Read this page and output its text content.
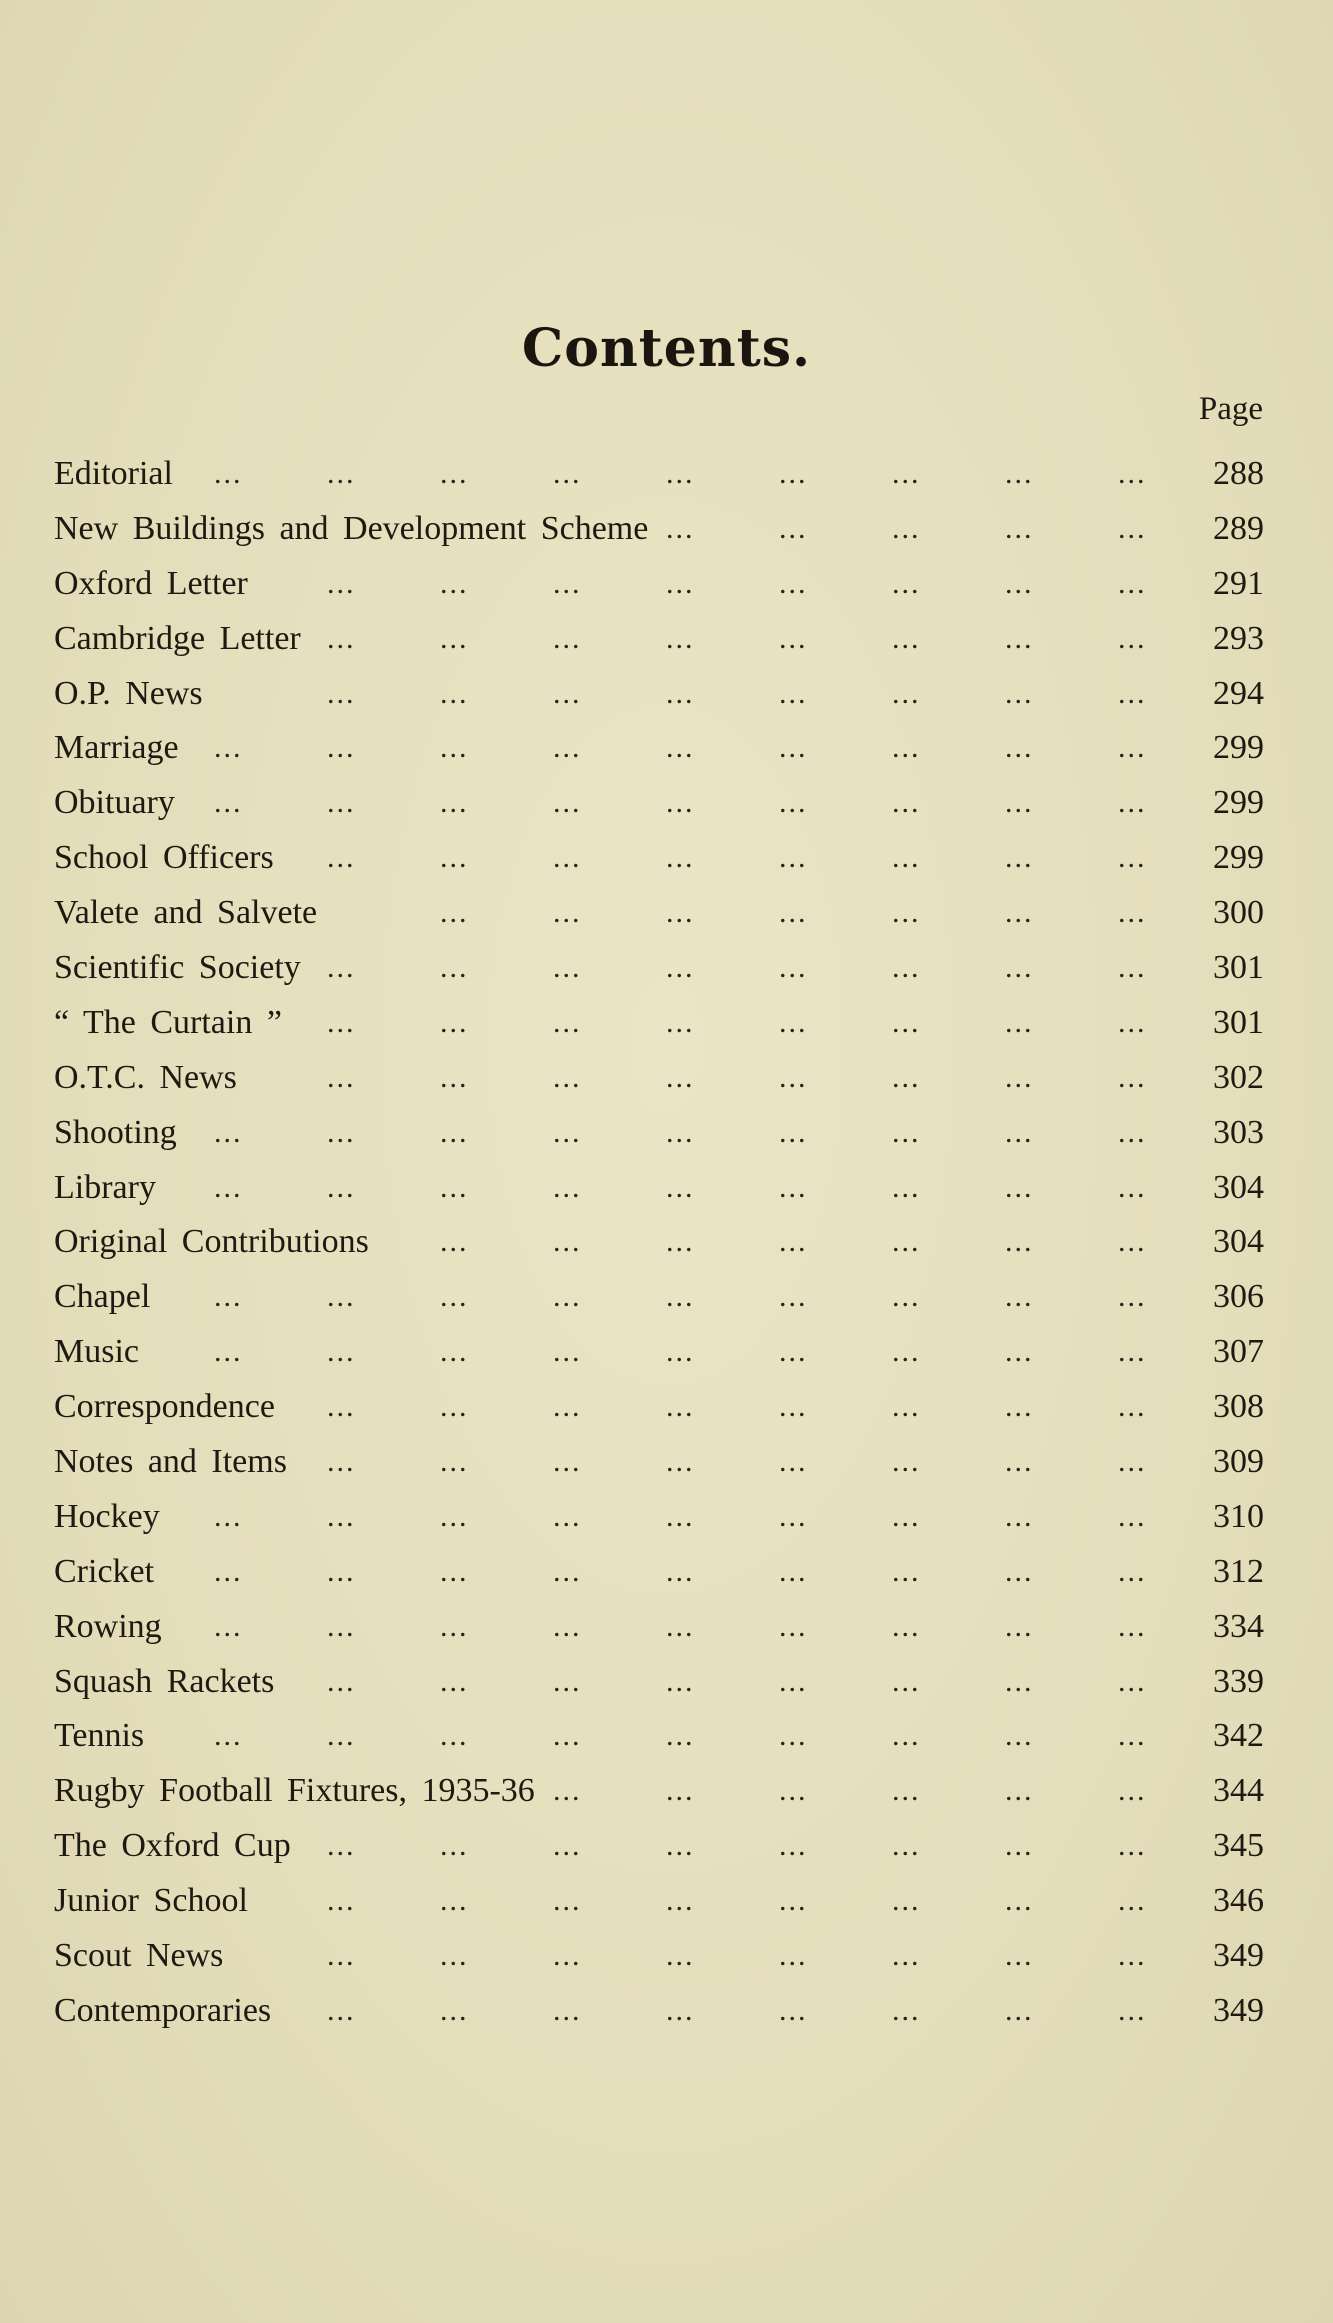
Contents.
Page
Editorial ...	...	...	...	...	...	...	...	...	288
New Buildings and Development Scheme ...	...	...	...	...	289
Oxford Letter	...	...	...	...	...	...	...	...	291
Cambridge Letter ...	...	...	...	...	...	...	...	293
O.P. News	...	...	...	...	...	...	...	...	294
Marriage ...	...	...	...	...	...	...	...	...	299
Obituary ...	...	...	...	...	...	...	...	...	299
School Officers ...	...	...	...	...	...	...	...	299
Valete and Salvete	...	...	...	...	...	...	...	300
Scientific Society ...	...	...	...	...	...	...	...	301
“ The Curtain ” ...	...	...	...	...	...	...	...	301
O.T.C. News	...	...	...	...	...	...	...	...	302
Shooting ...	...	...	...	...	...	...	...	...	303
Library ...	...	...	...	...	...	...	...	...	304
Original Contributions ...	...	...	...	...	...	...	304
Chapel ...	...	...	...	...	...	...	...	...	306
Music	...	...	...	...	...	...	...	...	...	307
Correspondence ...	...	...	...	...	...	...	...	308
Notes and Items ...	...	...	...	...	...	...	...	309
Hockey ...	...	...	...	...	...	...	...	...	310
Cricket ...	...	...	...	...	...	...	...	...	312
Rowing ...	...	...	...	...	...	...	...	...	334
Squash Rackets ...	...	...	...	...	...	...	...	339
Tennis ...	...	...	...	...	...	...	...	...	342
Rugby Football Fixtures, 1935-36 ...	...	...	...	...	...	344
The Oxford Cup ...	...	...	...	...	...	...	...	345
Junior School	...	...	...	...	...	...	...	...	346
Scout News	...	...	...	...	...	...	...	...	349
Contemporaries ...	...	...	...	...	...	...	...	349
